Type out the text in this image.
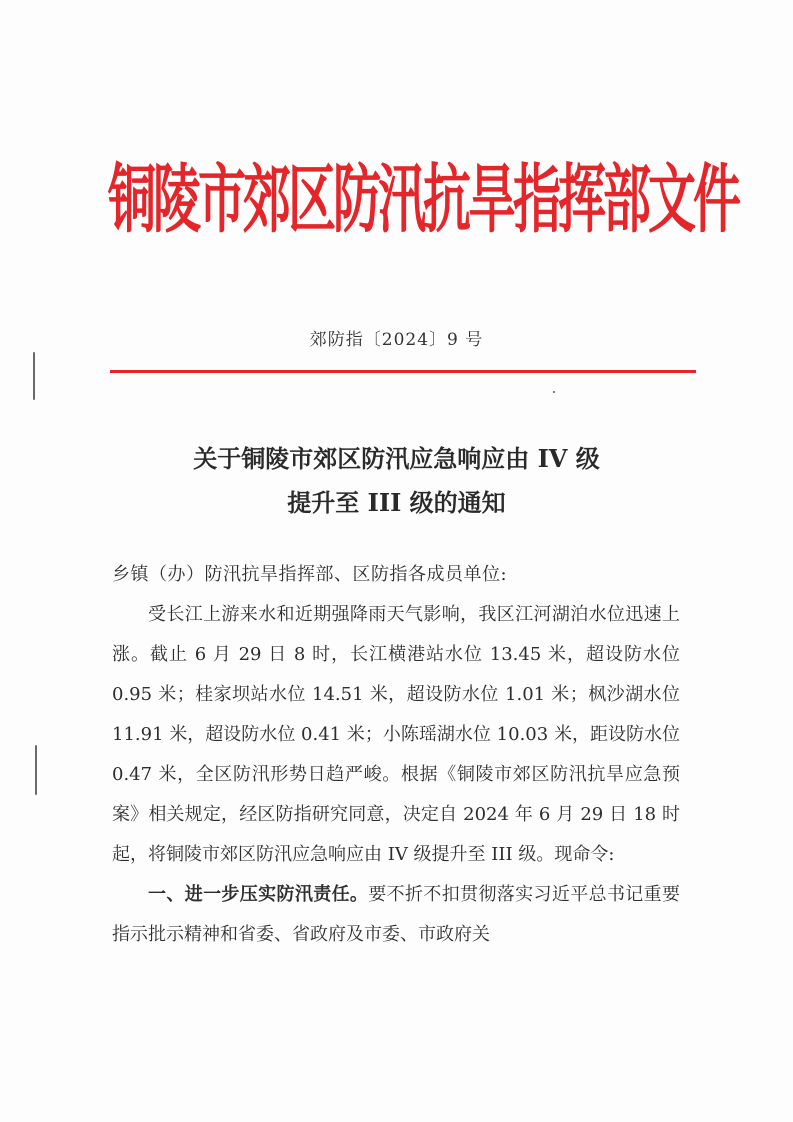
铜陵市郊区防汛抗旱指挥部文件
郊防指〔2024〕9 号
关于铜陵市郊区防汛应急响应由 IV 级
提升至 III 级的通知

乡镇（办）防汛抗旱指挥部、区防指各成员单位:

受长江上游来水和近期强降雨天气影响，我区江河湖泊水位迅速上涨。截止 6 月 29 日 8 时，长江横港站水位 13.45 米，超设防水位 0.95 米；桂家坝站水位 14.51 米，超设防水位 1.01 米；枫沙湖水位 11.91 米，超设防水位 0.41 米；小陈瑶湖水位 10.03 米，距设防水位 0.47 米，全区防汛形势日趋严峻。根据《铜陵市郊区防汛抗旱应急预案》相关规定，经区防指研究同意，决定自 2024 年 6 月 29 日 18 时起，将铜陵市郊区防汛应急响应由 IV 级提升至 III 级。现命令:

一、进一步压实防汛责任。要不折不扣贯彻落实习近平总书记重要指示批示精神和省委、省政府及市委、市政府关
